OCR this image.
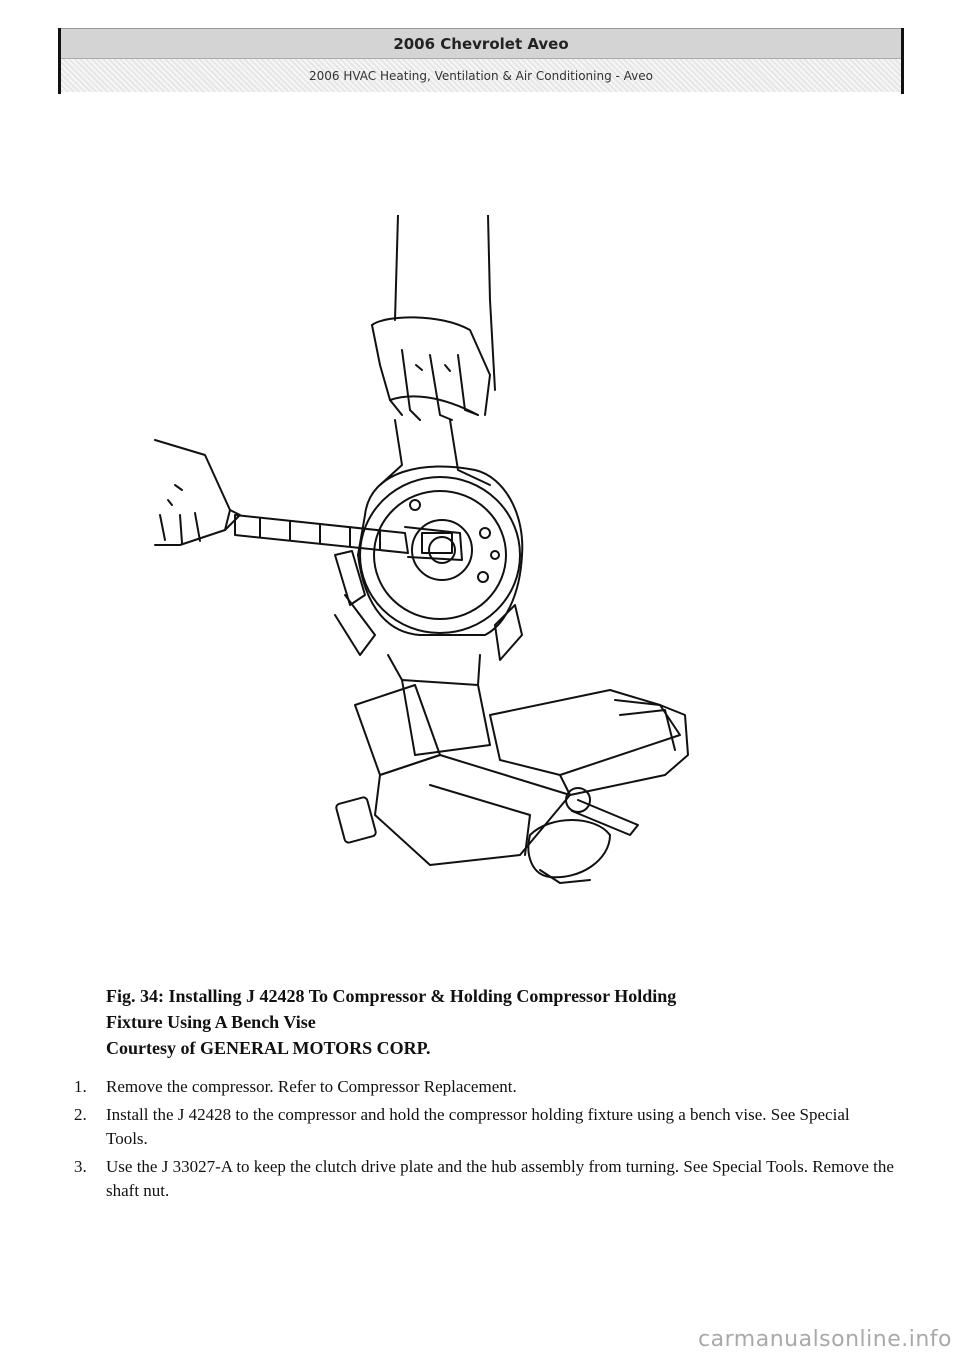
2006 Chevrolet Aveo
2006 HVAC Heating, Ventilation & Air Conditioning - Aveo
Fig. 34: Installing J 42428 To Compressor & Holding Compressor Holding
Fixture Using A Bench Vise
Courtesy of GENERAL MOTORS CORP.
1.	Remove the compressor. Refer to Compressor Replacement.
2.	Install the J 42428 to the compressor and hold the compressor holding fixture using a bench vise. See Special Tools.
3.	Use the J 33027-A to keep the clutch drive plate and the hub assembly from turning. See Special Tools. Remove the shaft nut.
carmanualsonline.info
